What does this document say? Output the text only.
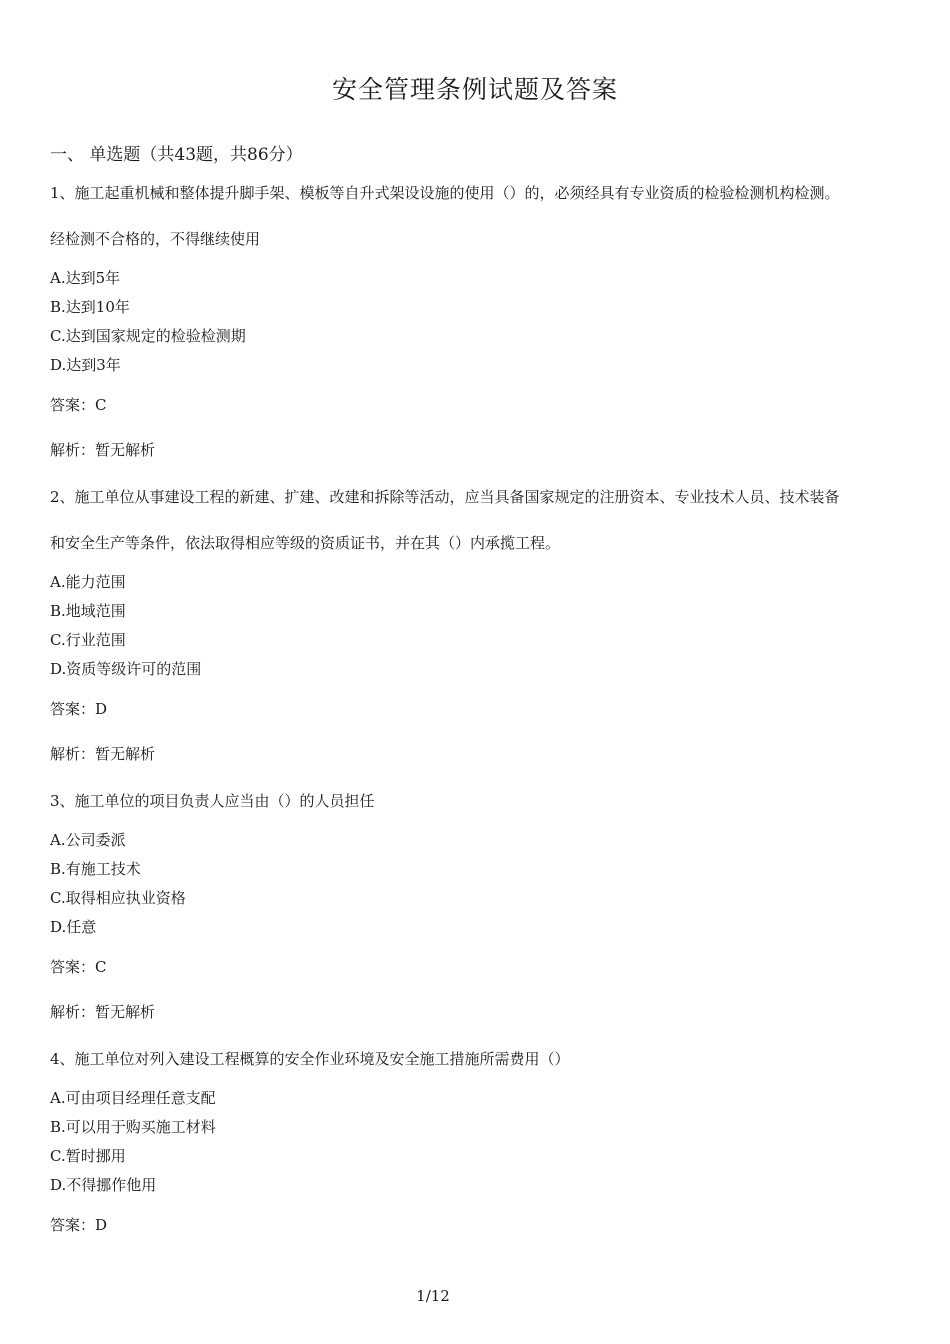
安全管理条例试题及答案
一、 单选题（共43题，共86分）
1、施工起重机械和整体提升脚手架、模板等自升式架设设施的使用（）的，必须经具有专业资质的检验检测机构检测。
经检测不合格的，不得继续使用
A.达到5年
B.达到10年
C.达到国家规定的检验检测期
D.达到3年
答案：C
解析：暂无解析
2、施工单位从事建设工程的新建、扩建、改建和拆除等活动，应当具备国家规定的注册资本、专业技术人员、技术装备
和安全生产等条件，依法取得相应等级的资质证书，并在其（）内承揽工程。
A.能力范围
B.地域范围
C.行业范围
D.资质等级许可的范围
答案：D
解析：暂无解析
3、施工单位的项目负责人应当由（）的人员担任
A.公司委派
B.有施工技术
C.取得相应执业资格
D.任意
答案：C
解析：暂无解析
4、施工单位对列入建设工程概算的安全作业环境及安全施工措施所需费用（）
A.可由项目经理任意支配
B.可以用于购买施工材料
C.暂时挪用
D.不得挪作他用
答案：D
1/12
